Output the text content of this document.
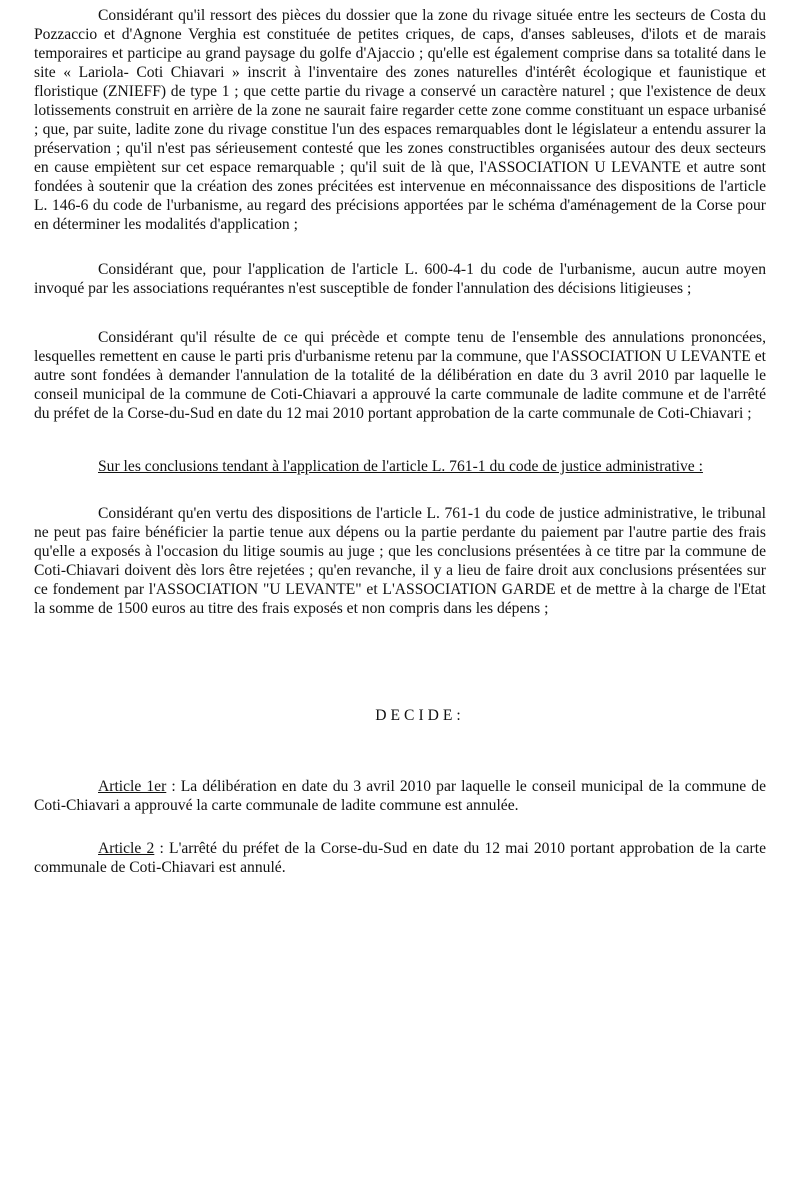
Considérant qu'il ressort des pièces du dossier que la zone du rivage située entre les secteurs de Costa du Pozzaccio et d'Agnone Verghia est constituée de petites criques, de caps, d'anses sableuses, d'ilots et de marais temporaires et participe au grand paysage du golfe d'Ajaccio ; qu'elle est également comprise dans sa totalité dans le site « Lariola- Coti Chiavari » inscrit à l'inventaire des zones naturelles d'intérêt écologique et faunistique et floristique (ZNIEFF) de type 1 ; que cette partie du rivage a conservé un caractère naturel ; que l'existence de deux lotissements construit en arrière de la zone ne saurait faire regarder cette zone comme constituant un espace urbanisé ; que, par suite, ladite zone du rivage constitue l'un des espaces remarquables dont le législateur a entendu assurer la préservation ; qu'il n'est pas sérieusement contesté que les zones constructibles organisées autour des deux secteurs en cause empiètent sur cet espace remarquable ; qu'il suit de là que, l'ASSOCIATION U LEVANTE et autre sont fondées à soutenir que la création des zones précitées est intervenue en méconnaissance des dispositions de l'article L. 146-6 du code de l'urbanisme, au regard des précisions apportées par le schéma d'aménagement de la Corse pour en déterminer les modalités d'application ;

Considérant que, pour l'application de l'article L. 600-4-1 du code de l'urbanisme, aucun autre moyen invoqué par les associations requérantes n'est susceptible de fonder l'annulation des décisions litigieuses ;

Considérant qu'il résulte de ce qui précède et compte tenu de l'ensemble des annulations prononcées, lesquelles remettent en cause le parti pris d'urbanisme retenu par la commune, que l'ASSOCIATION U LEVANTE et autre sont fondées à demander l'annulation de la totalité de la délibération en date du 3 avril 2010 par laquelle le conseil municipal de la commune de Coti-Chiavari a approuvé la carte communale de ladite commune et de l'arrêté du préfet de la Corse-du-Sud en date du 12 mai 2010 portant approbation de la carte communale de Coti-Chiavari ;

Sur les conclusions tendant à l'application de l'article L. 761-1 du code de justice administrative :

Considérant qu'en vertu des dispositions de l'article L. 761-1 du code de justice administrative, le tribunal ne peut pas faire bénéficier la partie tenue aux dépens ou la partie perdante du paiement par l'autre partie des frais qu'elle a exposés à l'occasion du litige soumis au juge ; que les conclusions présentées à ce titre par la commune de Coti-Chiavari doivent dès lors être rejetées ; qu'en revanche, il y a lieu de faire droit aux conclusions présentées sur ce fondement par l'ASSOCIATION "U LEVANTE" et L'ASSOCIATION GARDE et de mettre à la charge de l'Etat la somme de 1500 euros au titre des frais exposés et non compris dans les dépens ;

DECIDE:

Article 1er : La délibération en date du 3 avril 2010 par laquelle le conseil municipal de la commune de Coti-Chiavari a approuvé la carte communale de ladite commune est annulée.

Article 2 : L'arrêté du préfet de la Corse-du-Sud en date du 12 mai 2010 portant approbation de la carte communale de Coti-Chiavari est annulé.
